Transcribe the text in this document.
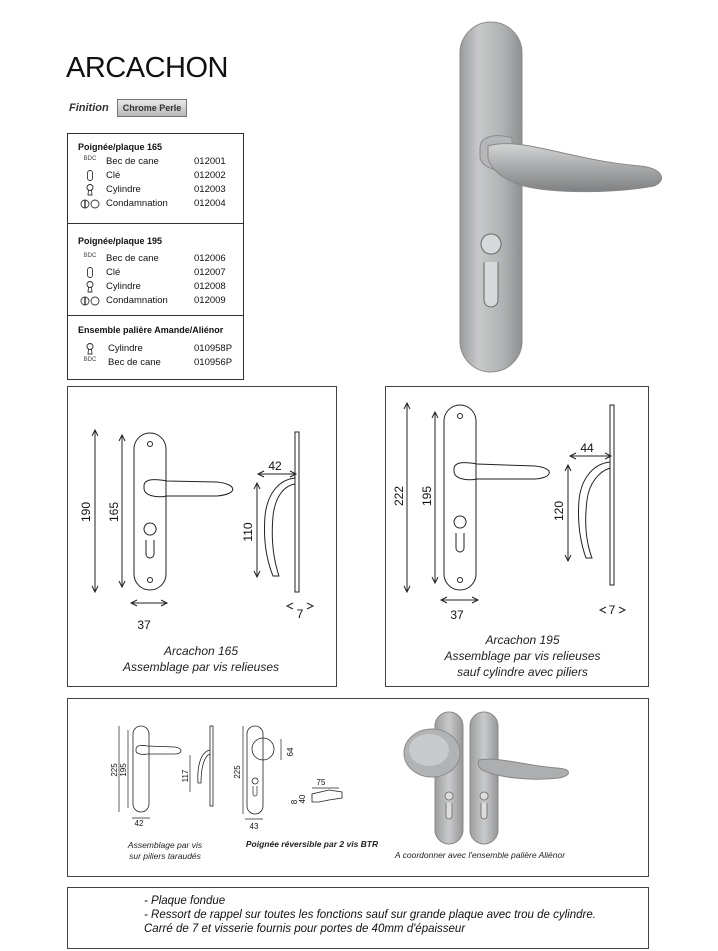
ARCACHON
Finition	Chrome Perle
Poignée/plaque 165
BDC	Bec de cane	012001
Clé	012002
Cylindre	012003
Condamnation	012004
Poignée/plaque 195
BDC	Bec de cane	012006
Clé	012007
Cylindre	012008
Condamnation	012009
Ensemble palière Amande/Aliénor
Cylindre	010958P
BDC	Bec de cane	010956P
190 165
37
42
110
7
Arcachon 165
Assemblage par vis relieuses
222 195
37
44
120
7
Arcachon 195
Assemblage par vis relieuses
sauf cylindre avec piliers
225 195
42
117	225
64
43
75
40
8
Assemblage par vis
sur piliers taraudés
Poignée réversible par 2 vis BTR
A coordonner avec l'ensemble palière Aliénor
- Plaque fondue
- Ressort de rappel sur toutes les fonctions sauf sur grande plaque avec trou de cylindre.
Carré de 7 et visserie fournis pour portes de 40mm d'épaisseur
